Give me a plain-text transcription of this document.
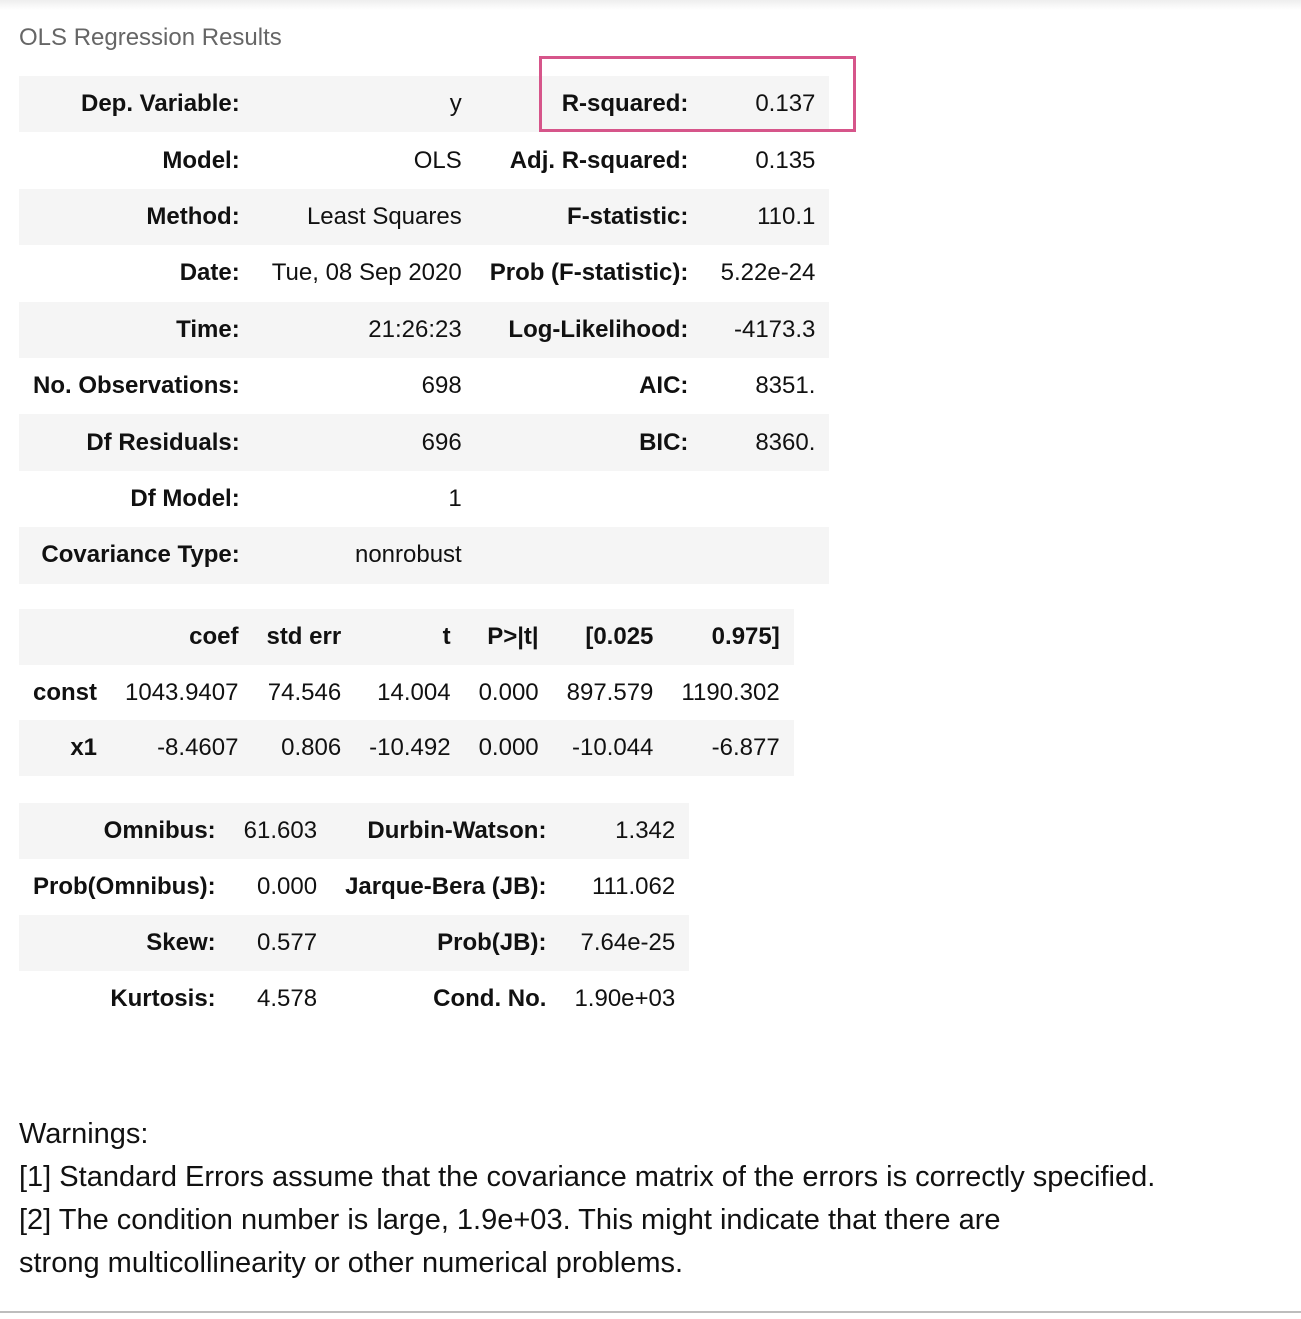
OLS Regression Results
Dep. Variable:	y	R-squared:	0.137
Model:	OLS	Adj. R-squared:	0.135
Method:	Least Squares	F-statistic:	110.1
Date:	Tue, 08 Sep 2020	Prob (F-statistic):	5.22e-24
Time:	21:26:23	Log-Likelihood:	-4173.3
No. Observations:	698	AIC:	8351.
Df Residuals:	696	BIC:	8360.
Df Model:	1		
Covariance Type:	nonrobust		
	coef	std err	t	P>|t|	[0.025	0.975]
const	1043.9407	74.546	14.004	0.000	897.579	1190.302
x1	-8.4607	0.806	-10.492	0.000	-10.044	-6.877
Omnibus:	61.603	Durbin-Watson:	1.342
Prob(Omnibus):	0.000	Jarque-Bera (JB):	111.062
Skew:	0.577	Prob(JB):	7.64e-25
Kurtosis:	4.578	Cond. No.	1.90e+03
Warnings:
[1] Standard Errors assume that the covariance matrix of the errors is correctly specified.
[2] The condition number is large, 1.9e+03. This might indicate that there are
strong multicollinearity or other numerical problems.
